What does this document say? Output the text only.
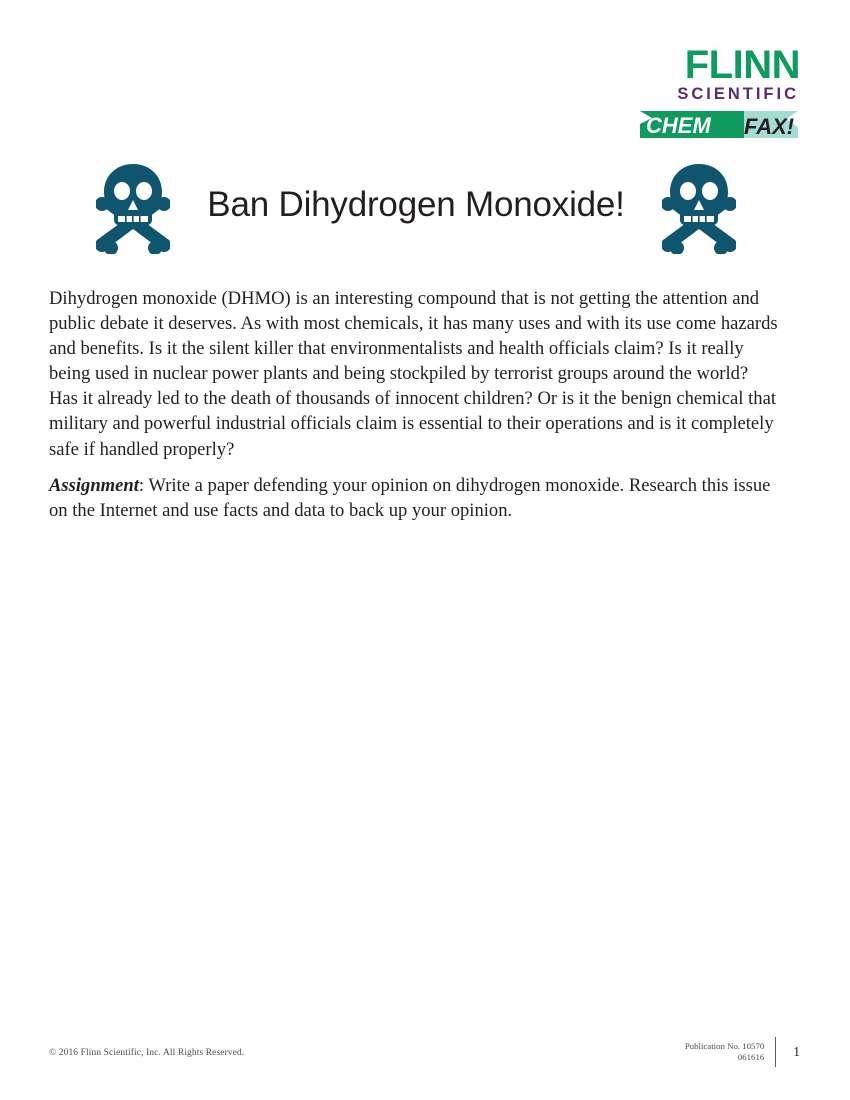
FLINN
SCIENTIFIC
CHEM FAX!
Ban Dihydrogen Monoxide!

Dihydrogen monoxide (DHMO) is an interesting compound that is not getting the attention and public debate it deserves. As with most chemicals, it has many uses and with its use come hazards and benefits. Is it the silent killer that environmentalists and health officials claim? Is it really being used in nuclear power plants and being stockpiled by terrorist groups around the world? Has it already led to the death of thousands of innocent children? Or is it the benign chemical that military and powerful industrial officials claim is essential to their operations and is it completely safe if handled properly?

Assignment: Write a paper defending your opinion on dihydrogen monoxide. Research this issue on the Internet and use facts and data to back up your opinion.

© 2016 Flinn Scientific, Inc. All Rights Reserved.
Publication No. 10570
061616	1
